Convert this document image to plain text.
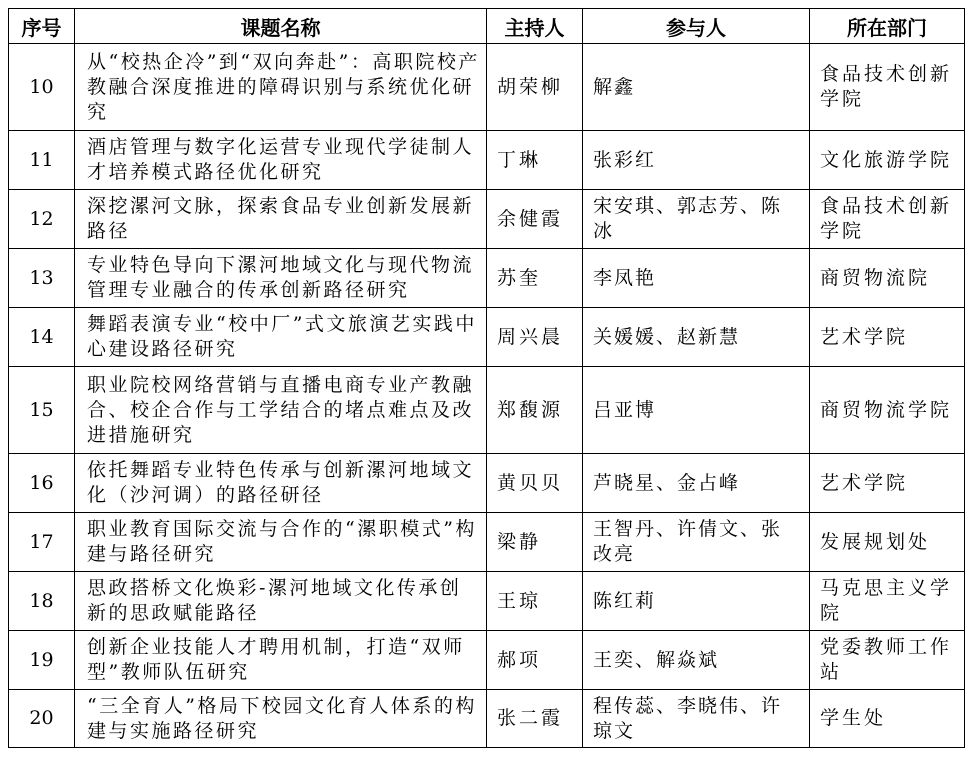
序号	课题名称	主持人	参与人	所在部门
10	从“校热企冷”到“双向奔赴”：高职院校产教融合深度推进的障碍识别与系统优化研究	胡荣柳	解鑫	食品技术创新学院
11	酒店管理与数字化运营专业现代学徒制人才培养模式路径优化研究	丁琳	张彩红	文化旅游学院
12	深挖漯河文脉，探索食品专业创新发展新路径	余健霞	宋安琪、郭志芳、陈冰	食品技术创新学院
13	专业特色导向下漯河地域文化与现代物流管理专业融合的传承创新路径研究	苏奎	李凤艳	商贸物流院
14	舞蹈表演专业“校中厂”式文旅演艺实践中心建设路径研究	周兴晨	关媛媛、赵新慧	艺术学院
15	职业院校网络营销与直播电商专业产教融合、校企合作与工学结合的堵点难点及改进措施研究	郑馥源	吕亚博	商贸物流学院
16	依托舞蹈专业特色传承与创新漯河地域文化（沙河调）的路径研径	黄贝贝	芦晓星、金占峰	艺术学院
17	职业教育国际交流与合作的“漯职模式”构建与路径研究	梁静	王智丹、许倩文、张改亮	发展规划处
18	思政搭桥文化焕彩-漯河地域文化传承创新的思政赋能路径	王琼	陈红莉	马克思主义学院
19	创新企业技能人才聘用机制，打造“双师型”教师队伍研究	郝项	王奕、解焱斌	党委教师工作站
20	“三全育人”格局下校园文化育人体系的构建与实施路径研究	张二霞	程传蕊、李晓伟、许琼文	学生处
